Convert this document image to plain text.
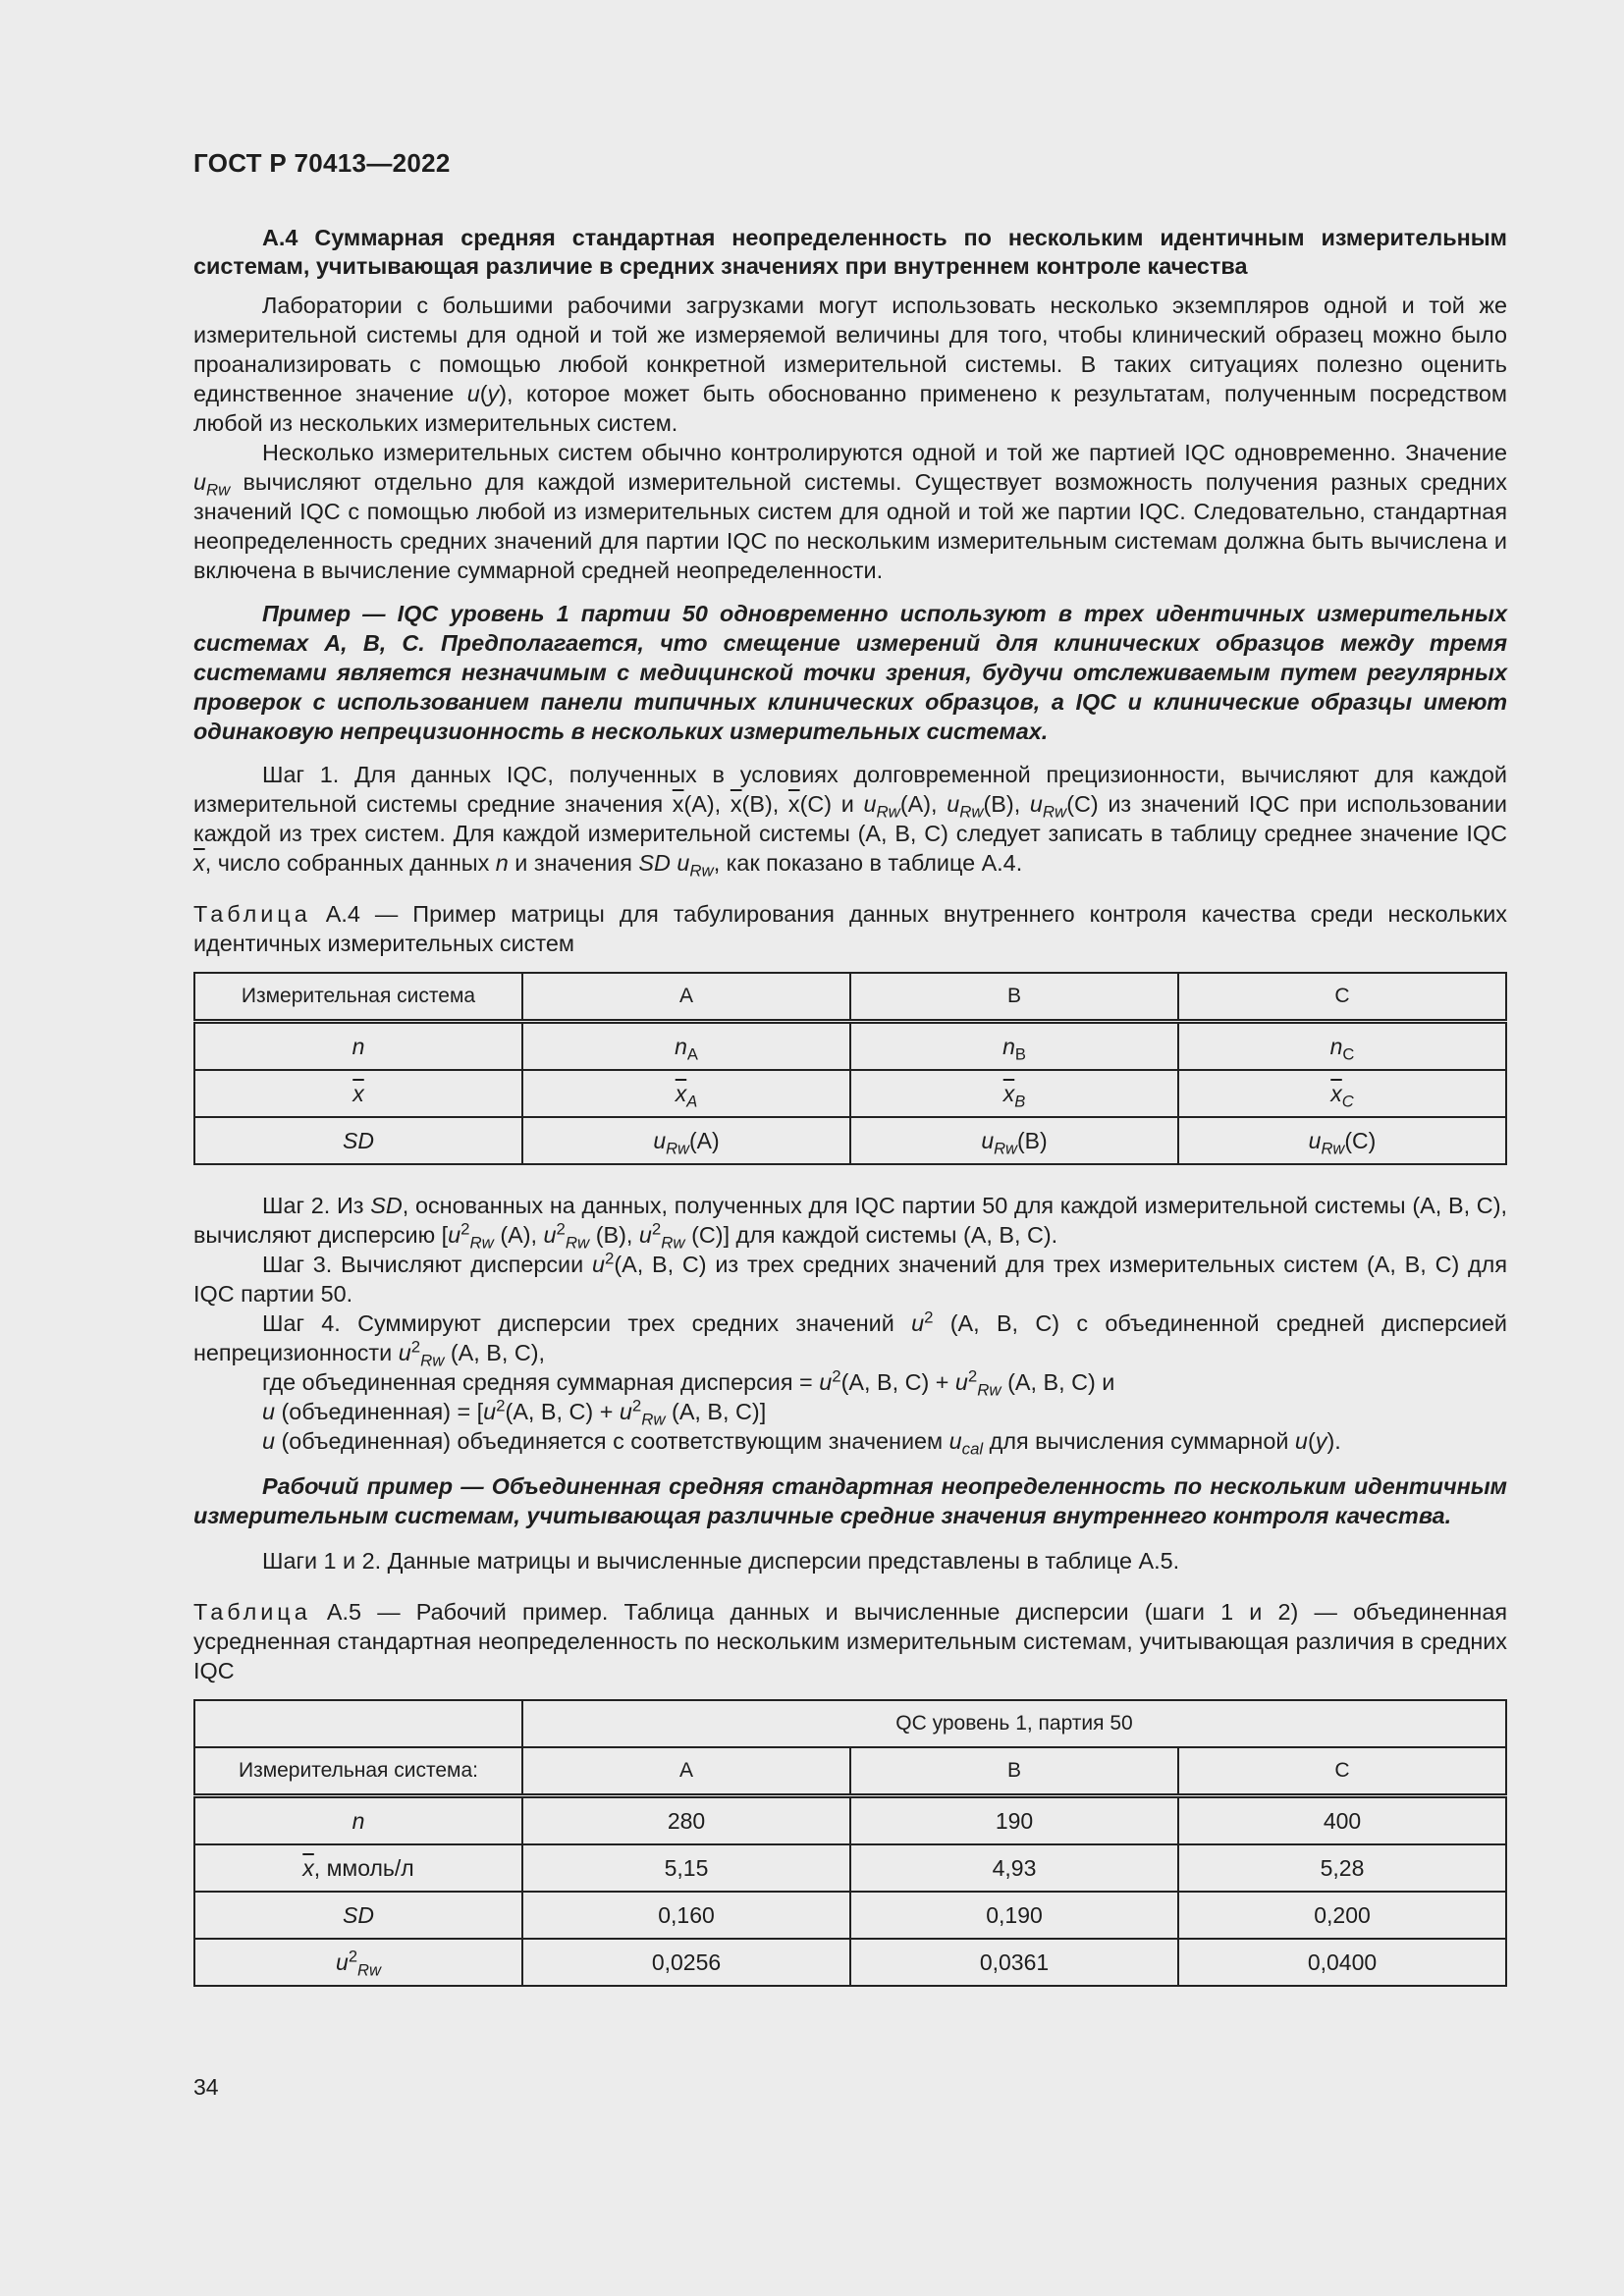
ГОСТ Р 70413—2022

А.4 Суммарная средняя стандартная неопределенность по нескольким идентичным измерительным системам, учитывающая различие в средних значениях при внутреннем контроле качества

Лаборатории с большими рабочими загрузками могут использовать несколько экземпляров одной и той же измерительной системы для одной и той же измеряемой величины для того, чтобы клинический образец можно было проанализировать с помощью любой конкретной измерительной системы. В таких ситуациях полезно оценить единственное значение u(y), которое может быть обоснованно применено к результатам, полученным посредством любой из нескольких измерительных систем.

Несколько измерительных систем обычно контролируются одной и той же партией IQC одновременно. Значение $u_{Rw}$ вычисляют отдельно для каждой измерительной системы. Существует возможность получения разных средних значений IQC с помощью любой из измерительных систем для одной и той же партии IQC. Следовательно, стандартная неопределенность средних значений для партии IQC по нескольким измерительным системам должна быть вычислена и включена в вычисление суммарной средней неопределенности.

Пример — IQC уровень 1 партии 50 одновременно используют в трех идентичных измерительных системах А, В, С. Предполагается, что смещение измерений для клинических образцов между тремя системами является незначимым с медицинской точки зрения, будучи отслеживаемым путем регулярных проверок с использованием панели типичных клинических образцов, а IQC и клинические образцы имеют одинаковую непрецизионность в нескольких измерительных системах.

Шаг 1. Для данных IQC, полученных в условиях долговременной прецизионности, вычисляют для каждой измерительной системы средние значения $\overline{x}(A)$, $\overline{x}(B)$, $\overline{x}(C)$ и $u_{Rw}(A)$, $u_{Rw}(B)$, $u_{Rw}(C)$ из значений IQC при использовании каждой из трех систем. Для каждой измерительной системы (А, В, С) следует записать в таблицу среднее значение IQC $\overline{x}$, число собранных данных n и значения SD $u_{Rw}$, как показано в таблице А.4.

Таблица А.4 — Пример матрицы для табулирования данных внутреннего контроля качества среди нескольких идентичных измерительных систем

Измерительная система	A	B	C
n	$n_A$	$n_B$	$n_C$
$\overline{x}$	$\overline{x}_A$	$\overline{x}_B$	$\overline{x}_C$
SD	$u_{Rw}(A)$	$u_{Rw}(B)$	$u_{Rw}(C)$

Шаг 2. Из SD, основанных на данных, полученных для IQC партии 50 для каждой измерительной системы (А, В, С), вычисляют дисперсию [$u^2_{Rw}$ (A), $u^2_{Rw}$ (B), $u^2_{Rw}$ (C)] для каждой системы (А, В, С).

Шаг 3. Вычисляют дисперсии $u^2(А$, В, С) из трех средних значений для трех измерительных систем (А, В, С) для IQC партии 50.

Шаг 4. Суммируют дисперсии трех средних значений $u^2$ (А, В, С) с объединенной средней дисперсией непрецизионности $u^2_{Rw}$ (А, В, С),

где объединенная средняя суммарная дисперсия = $u^2(А$, В, $С) + u^2_{Rw}$ (А, В, С) и

u (объединенная) = [$u^2(А$, В, $С) + u^2_{Rw}$ (А, В, С)]

u (объединенная) объединяется с соответствующим значением $u_{cal}$ для вычисления суммарной u(y).

Рабочий пример — Объединенная средняя стандартная неопределенность по нескольким идентичным измерительным системам, учитывающая различные средние значения внутреннего контроля качества.

Шаги 1 и 2. Данные матрицы и вычисленные дисперсии представлены в таблице А.5.

Таблица А.5 — Рабочий пример. Таблица данных и вычисленные дисперсии (шаги 1 и 2) — объединенная усредненная стандартная неопределенность по нескольким измерительным системам, учитывающая различия в средних IQC

	QC уровень 1, партия 50		
Измерительная система:	A	B	C
n	280	190	400
$\overline{x}$, ммоль/л	5,15	4,93	5,28
SD	0,160	0,190	0,200
$u^2_{Rw}$	0,0256	0,0361	0,0400
34
